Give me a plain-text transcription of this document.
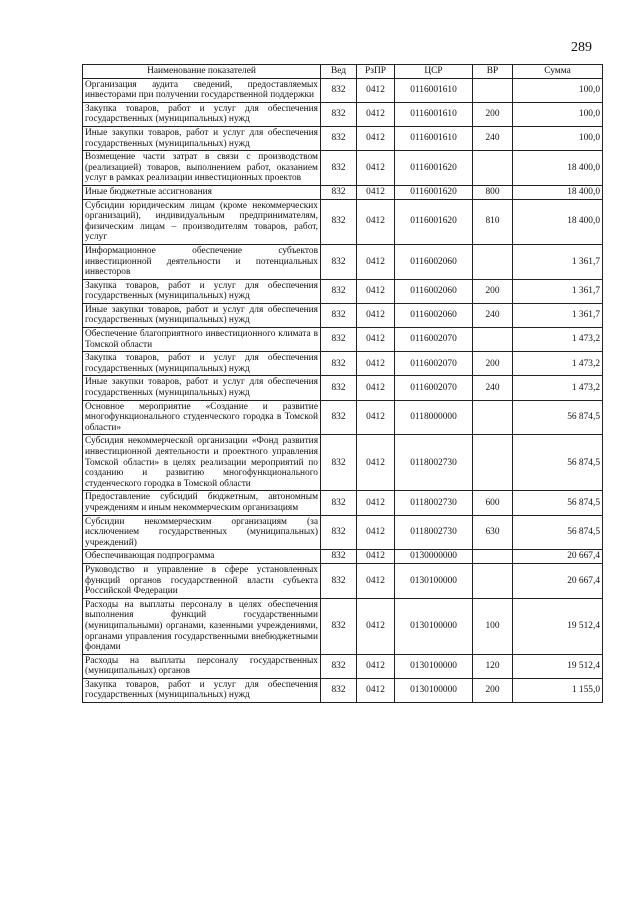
289
Наименование показателей	Вед	РзПР	ЦСР	ВР	Сумма
Организация аудита сведений, предоставляемых инвесторами при получении государственной поддержки	832	0412	0116001610		100,0
Закупка товаров, работ и услуг для обеспечения государственных (муниципальных) нужд	832	0412	0116001610	200	100,0
Иные закупки товаров, работ и услуг для обеспечения государственных (муниципальных) нужд	832	0412	0116001610	240	100,0
Возмещение части затрат в связи с производством (реализацией) товаров, выполнением работ, оказанием услуг в рамках реализации инвестиционных проектов	832	0412	0116001620		18 400,0
Иные бюджетные ассигнования	832	0412	0116001620	800	18 400,0
Субсидии юридическим лицам (кроме некоммерческих организаций), индивидуальным предпринимателям, физическим лицам – производителям товаров, работ, услуг	832	0412	0116001620	810	18 400,0
Информационное обеспечение субъектов инвестиционной деятельности и потенциальных инвесторов	832	0412	0116002060		1 361,7
Закупка товаров, работ и услуг для обеспечения государственных (муниципальных) нужд	832	0412	0116002060	200	1 361,7
Иные закупки товаров, работ и услуг для обеспечения государственных (муниципальных) нужд	832	0412	0116002060	240	1 361,7
Обеспечение благоприятного инвестиционного климата в Томской области	832	0412	0116002070		1 473,2
Закупка товаров, работ и услуг для обеспечения государственных (муниципальных) нужд	832	0412	0116002070	200	1 473,2
Иные закупки товаров, работ и услуг для обеспечения государственных (муниципальных) нужд	832	0412	0116002070	240	1 473,2
Основное мероприятие «Создание и развитие многофункционального студенческого городка в Томской области»	832	0412	0118000000		56 874,5
Субсидия некоммерческой организации «Фонд развития инвестиционной деятельности и проектного управления Томской области» в целях реализации мероприятий по созданию и развитию многофункционального студенческого городка в Томской области	832	0412	0118002730		56 874,5
Предоставление субсидий бюджетным, автономным учреждениям и иным некоммерческим организациям	832	0412	0118002730	600	56 874,5
Субсидии некоммерческим организациям (за исключением государственных (муниципальных) учреждений)	832	0412	0118002730	630	56 874,5
Обеспечивающая подпрограмма	832	0412	0130000000		20 667,4
Руководство и управление в сфере установленных функций органов государственной власти субъекта Российской Федерации	832	0412	0130100000		20 667,4
Расходы на выплаты персоналу в целях обеспечения выполнения функций государственными (муниципальными) органами, казенными учреждениями, органами управления государственными внебюджетными фондами	832	0412	0130100000	100	19 512,4
Расходы на выплаты персоналу государственных (муниципальных) органов	832	0412	0130100000	120	19 512,4
Закупка товаров, работ и услуг для обеспечения государственных (муниципальных) нужд	832	0412	0130100000	200	1 155,0
